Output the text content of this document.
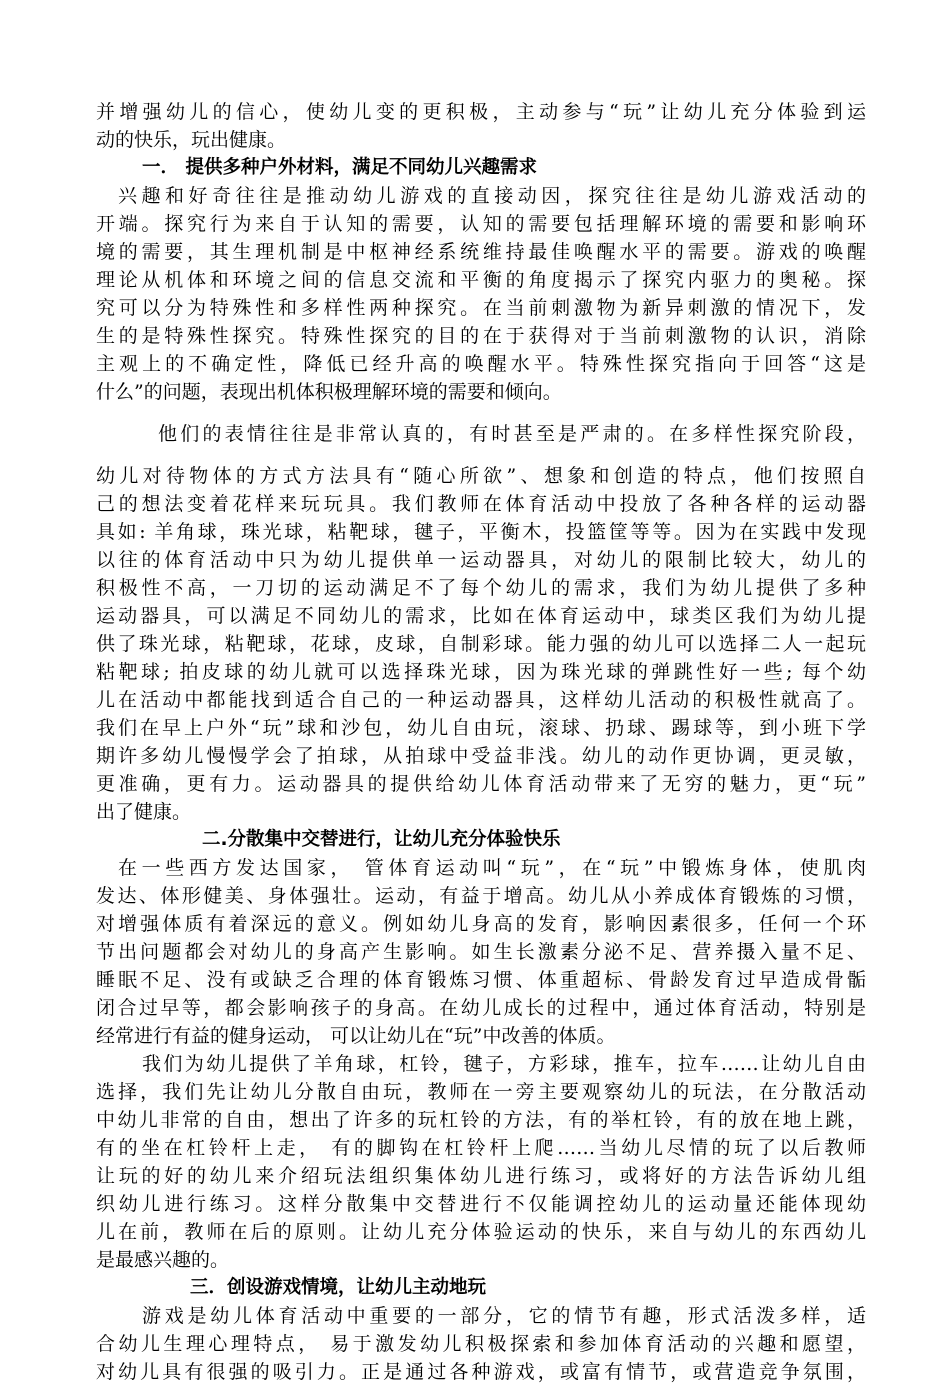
并增强幼儿的信心，使幼儿变的更积极，主动参与“玩”让幼儿充分体验到运
动的快乐，玩出健康。
一． 提供多种户外材料，满足不同幼儿兴趣需求
兴趣和好奇往往是推动幼儿游戏的直接动因，探究往往是幼儿游戏活动的
开端。探究行为来自于认知的需要，认知的需要包括理解环境的需要和影响环
境的需要，其生理机制是中枢神经系统维持最佳唤醒水平的需要。游戏的唤醒
理论从机体和环境之间的信息交流和平衡的角度揭示了探究内驱力的奥秘。探
究可以分为特殊性和多样性两种探究。在当前刺激物为新异刺激的情况下，发
生的是特殊性探究。特殊性探究的目的在于获得对于当前刺激物的认识，消除
主观上的不确定性，降低已经升高的唤醒水平。特殊性探究指向于回答“这是
什么”的问题，表现出机体积极理解环境的需要和倾向。
他们的表情往往是非常认真的，有时甚至是严肃的。在多样性探究阶段，
幼儿对待物体的方式方法具有“随心所欲”、想象和创造的特点，他们按照自
己的想法变着花样来玩玩具。我们教师在体育活动中投放了各种各样的运动器
具如: 羊角球，珠光球，粘靶球，毽子，平衡木，投篮筐等等。因为在实践中发现
以往的体育活动中只为幼儿提供单一运动器具，对幼儿的限制比较大，幼儿的
积极性不高，一刀切的运动满足不了每个幼儿的需求，我们为幼儿提供了多种
运动器具，可以满足不同幼儿的需求，比如在体育运动中，球类区我们为幼儿提
供了珠光球，粘靶球，花球，皮球，自制彩球。能力强的幼儿可以选择二人一起玩
粘靶球; 拍皮球的幼儿就可以选择珠光球，因为珠光球的弹跳性好一些; 每个幼
儿在活动中都能找到适合自己的一种运动器具，这样幼儿活动的积极性就高了。
我们在早上户外“玩”球和沙包，幼儿自由玩，滚球、扔球、踢球等，到小班下学
期许多幼儿慢慢学会了拍球，从拍球中受益非浅。幼儿的动作更协调，更灵敏，
更准确，更有力。运动器具的提供给幼儿体育活动带来了无穷的魅力，更“玩”
出了健康。
二.分散集中交替进行，让幼儿充分体验快乐
在一些西方发达国家， 管体育运动叫“玩”，在“玩”中锻炼身体，使肌肉
发达、体形健美、身体强壮。运动，有益于增高。幼儿从小养成体育锻炼的习惯，
对增强体质有着深远的意义。例如幼儿身高的发育，影响因素很多，任何一个环
节出问题都会对幼儿的身高产生影响。如生长激素分泌不足、营养摄入量不足、
睡眠不足、没有或缺乏合理的体育锻炼习惯、体重超标、骨龄发育过早造成骨骺
闭合过早等，都会影响孩子的身高。在幼儿成长的过程中，通过体育活动，特别是
经常进行有益的健身运动， 可以让幼儿在“玩”中改善的体质。
我们为幼儿提供了羊角球，杠铃，毽子，方彩球，推车，拉车……让幼儿自由
选择，我们先让幼儿分散自由玩，教师在一旁主要观察幼儿的玩法，在分散活动
中幼儿非常的自由，想出了许多的玩杠铃的方法，有的举杠铃，有的放在地上跳，
有的坐在杠铃杆上走， 有的脚钩在杠铃杆上爬……当幼儿尽情的玩了以后教师
让玩的好的幼儿来介绍玩法组织集体幼儿进行练习，或将好的方法告诉幼儿组
织幼儿进行练习。这样分散集中交替进行不仅能调控幼儿的运动量还能体现幼
儿在前，教师在后的原则。让幼儿充分体验运动的快乐，来自与幼儿的东西幼儿
是最感兴趣的。
三．创设游戏情境，让幼儿主动地玩
游戏是幼儿体育活动中重要的一部分，它的情节有趣，形式活泼多样，适
合幼儿生理心理特点， 易于激发幼儿积极探索和参加体育活动的兴趣和愿望，
对幼儿具有很强的吸引力。正是通过各种游戏，或富有情节，或营造竞争氛围，
